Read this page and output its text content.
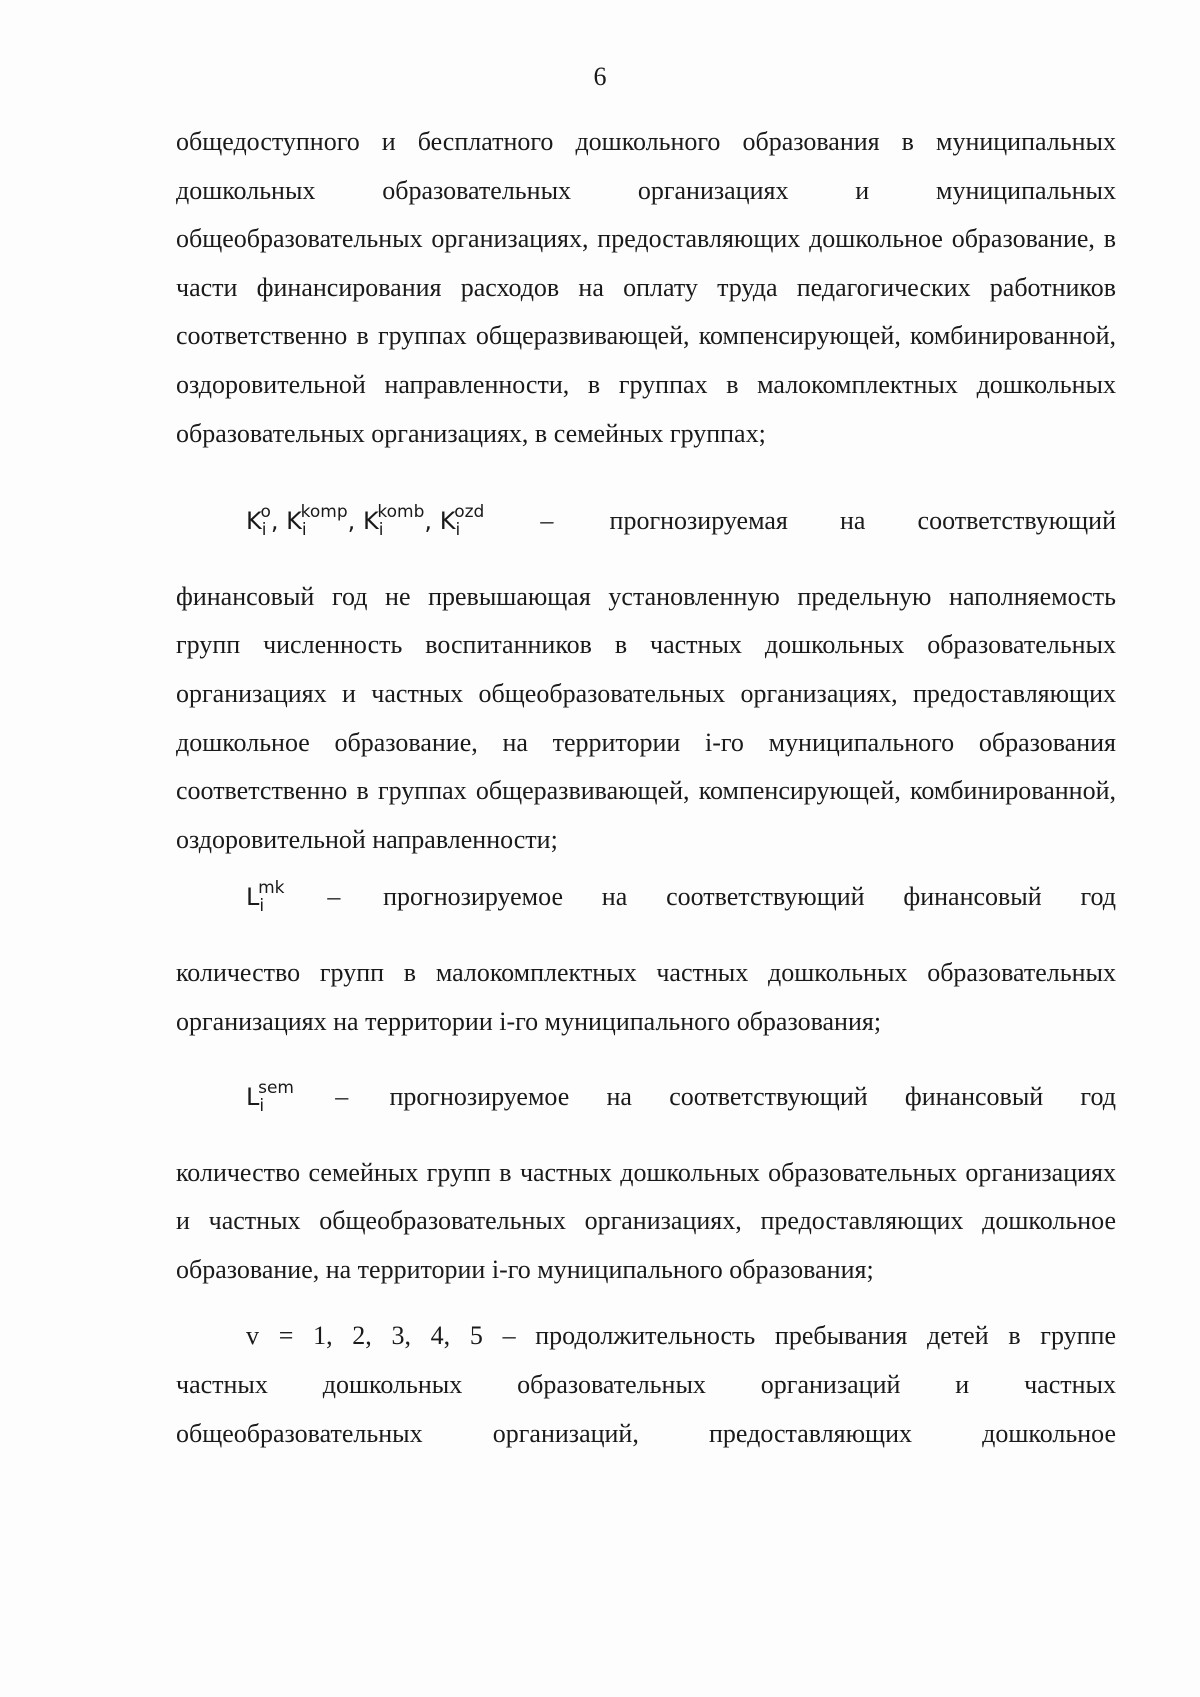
6

общедоступного и бесплатного дошкольного образования в муниципальных дошкольных образовательных организациях и муниципальных общеобразовательных организациях, предоставляющих дошкольное образование, в части финансирования расходов на оплату труда педагогических работников соответственно в группах общеразвивающей, компенсирующей, комбинированной, оздоровительной направленности, в группах в малокомплектных дошкольных образовательных организациях, в семейных группах;

$K_i^o$, $K_i^{komp}$, $K_i^{komb}$, $K_i^{ozd}$ – прогнозируемая на соответствующий

финансовый год не превышающая установленную предельную наполняемость групп численность воспитанников в частных дошкольных образовательных организациях и частных общеобразовательных организациях, предоставляющих дошкольное образование, на территории i-го муниципального образования соответственно в группах общеразвивающей, компенсирующей, комбинированной, оздоровительной направленности;

$L_i^{mk}$ – прогнозируемое на соответствующий финансовый год

количество групп в малокомплектных частных дошкольных образовательных организациях на территории i-го муниципального образования;

$L_i^{sem}$ – прогнозируемое на соответствующий финансовый год

количество семейных групп в частных дошкольных образовательных организациях и частных общеобразовательных организациях, предоставляющих дошкольное образование, на территории i-го муниципального образования;

v = 1, 2, 3, 4, 5 – продолжительность пребывания детей в группе

частных дошкольных образовательных организаций и частных общеобразовательных организаций, предоставляющих дошкольное
